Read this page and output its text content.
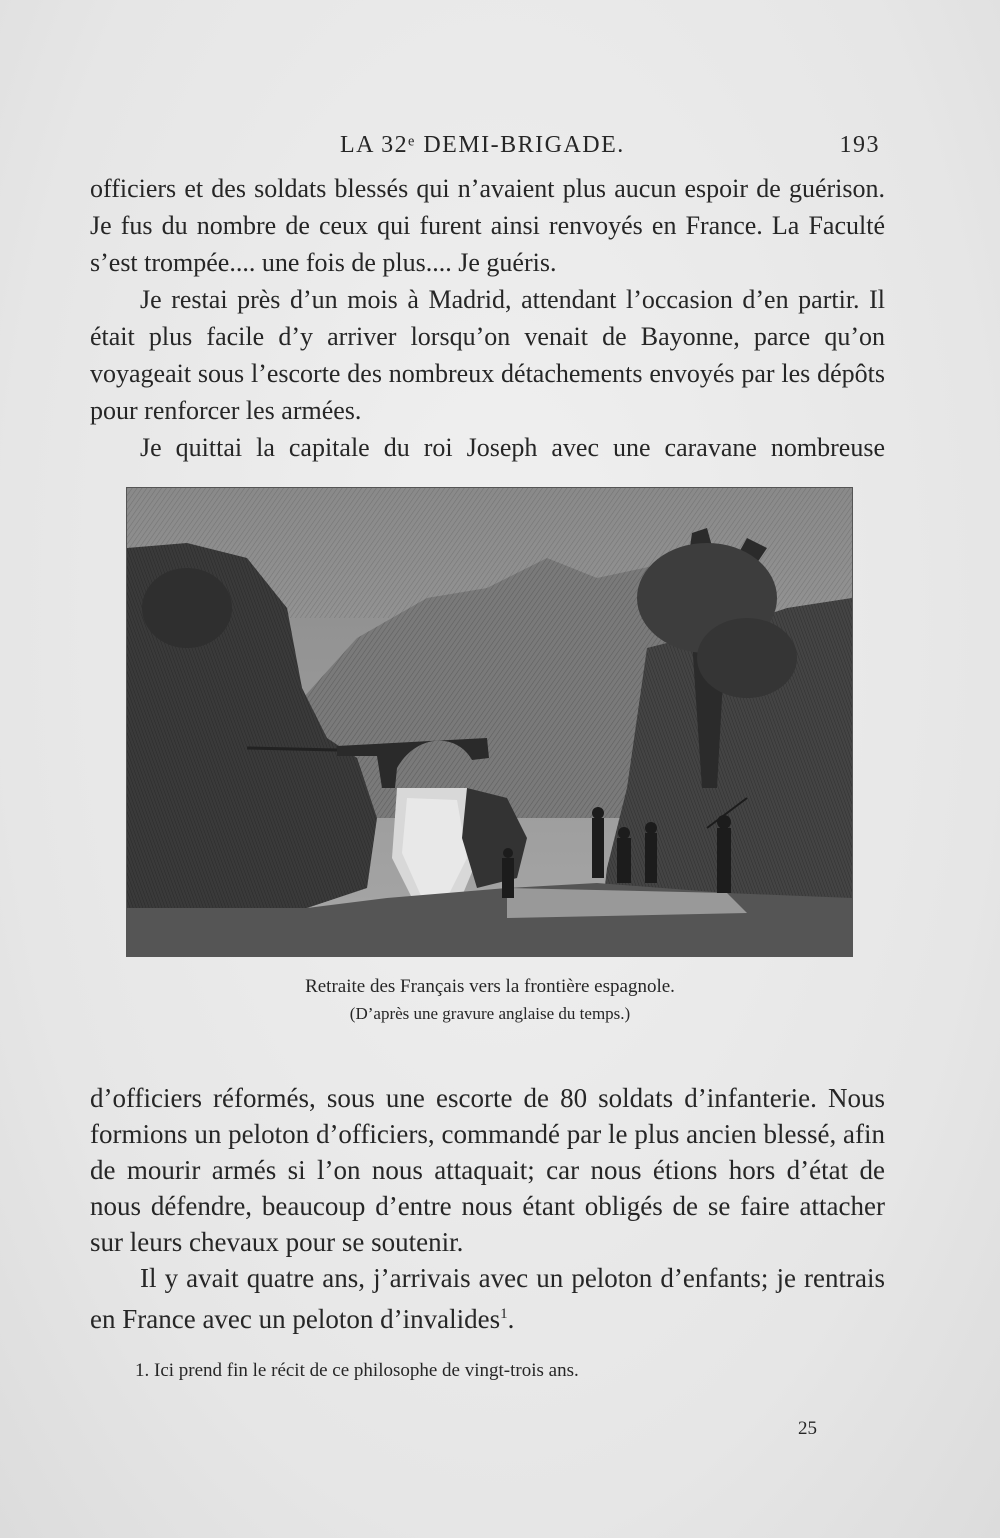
LA 32ᵉ DEMI-BRIGADE.	193

officiers et des soldats blessés qui n’avaient plus aucun espoir de guérison. Je fus du nombre de ceux qui furent ainsi renvoyés en France. La Faculté s’est trompée.... une fois de plus.... Je guéris.

Je restai près d’un mois à Madrid, attendant l’occasion d’en partir. Il était plus facile d’y arriver lorsqu’on venait de Bayonne, parce qu’on voyageait sous l’escorte des nombreux détachements envoyés par les dépôts pour renforcer les armées.

Je quittai la capitale du roi Joseph avec une caravane nombreuse

Retraite des Français vers la frontière espagnole.
(D’après une gravure anglaise du temps.)

d’officiers réformés, sous une escorte de 80 soldats d’infanterie. Nous formions un peloton d’officiers, commandé par le plus ancien blessé, afin de mourir armés si l’on nous attaquait; car nous étions hors d’état de nous défendre, beaucoup d’entre nous étant obligés de se faire attacher sur leurs chevaux pour se soutenir.

Il y avait quatre ans, j’arrivais avec un peloton d’enfants; je rentrais en France avec un peloton d’invalides$^1$.

1. Ici prend fin le récit de ce philosophe de vingt-trois ans.
25
